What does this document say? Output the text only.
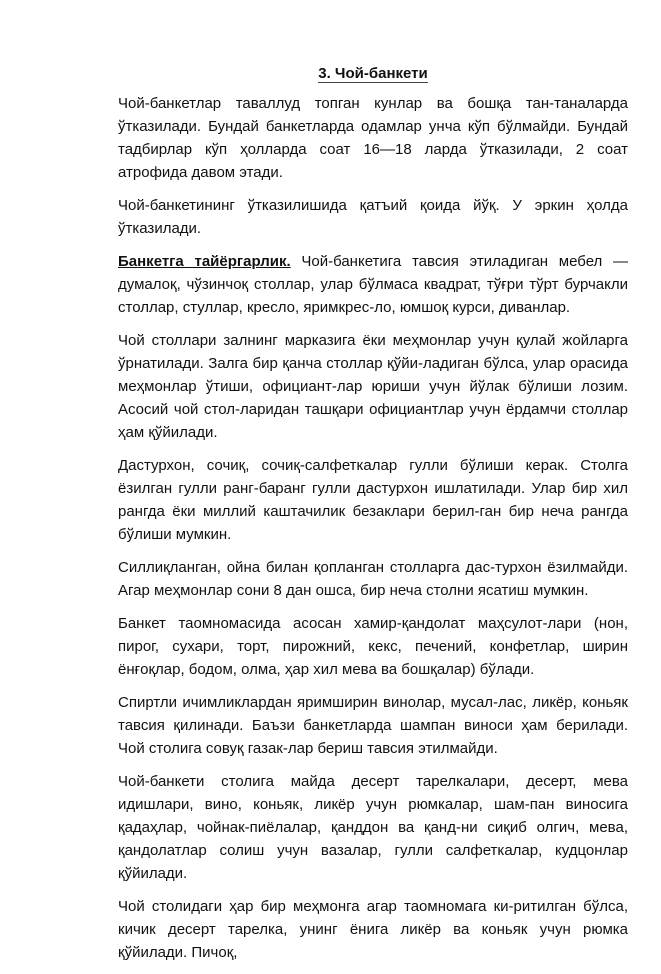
3. Чой-банкети

Чой-банкетлар таваллуд топган кунлар ва бошқа тан-таналарда ўтказилади. Бундай банкетларда одамлар унча кўп бўлмайди. Бундай тадбирлар кўп ҳолларда соат 16—18 ларда ўтказилади, 2 соат атрофида давом этади.

Чой-банкетининг ўтказилишида қатъий қоида йўқ. У эркин ҳолда ўтказилади.

Банкетга тайёргарлик. Чой-банкетига тавсия этиладиган мебел —думалоқ, чўзинчоқ столлар, улар бўлмаса квадрат, тўғри тўрт бурчакли столлар, стуллар, кресло, яримкрес-ло, юмшоқ курси, диванлар.

Чой столлари залнинг марказига ёки меҳмонлар учун қулай жойларга ўрнатилади. Залга бир қанча столлар қўйи-ладиган бўлса, улар орасида меҳмонлар ўтиши, официант-лар юриши учун йўлак бўлиши лозим. Асосий чой стол-ларидан ташқари официантлар учун ёрдамчи столлар ҳам қўйилади.

Дастурхон, сочиқ, сочиқ-салфеткалар гулли бўлиши керак. Столга ёзилган гулли ранг-баранг гулли дастурхон ишлатилади. Улар бир хил рангда ёки миллий каштачилик безаклари берил-ган бир неча рангда бўлиши мумкин.

Силлиқланган, ойна билан қопланган столларга дас-турхон ёзилмайди. Агар меҳмонлар сони 8 дан ошса, бир неча столни ясатиш мумкин.

Банкет таомномасида асосан хамир-қандолат маҳсулот-лари (нон, пирог, сухари, торт, пирожний, кекс, печений, конфетлар, ширин ёнғоқлар, бодом, олма, ҳар хил мева ва бошқалар) бўлади.

Спиртли ичимликлардан яримширин винолар, мусал-лас, ликёр, коньяк тавсия қилинади. Баъзи банкетларда шампан виноси ҳам берилади. Чой столига совуқ газак-лар бериш тавсия этилмайди.

Чой-банкети столига майда десерт тарелкалари, десерт, мева идишлари, вино, коньяк, ликёр учун рюмкалар, шам-пан виносига қадаҳлар, чойнак-пиёлалар, қанддон ва қанд-ни сиқиб олгич, мева, қандолатлар солиш учун вазалар, гулли салфеткалар, кудцонлар қўйилади.

Чой столидаги ҳар бир меҳмонга агар таомномага ки-ритилган бўлса, кичик десерт тарелка, унинг ёнига ликёр ва коньяк учун рюмка қўйилади. Пичоқ,
